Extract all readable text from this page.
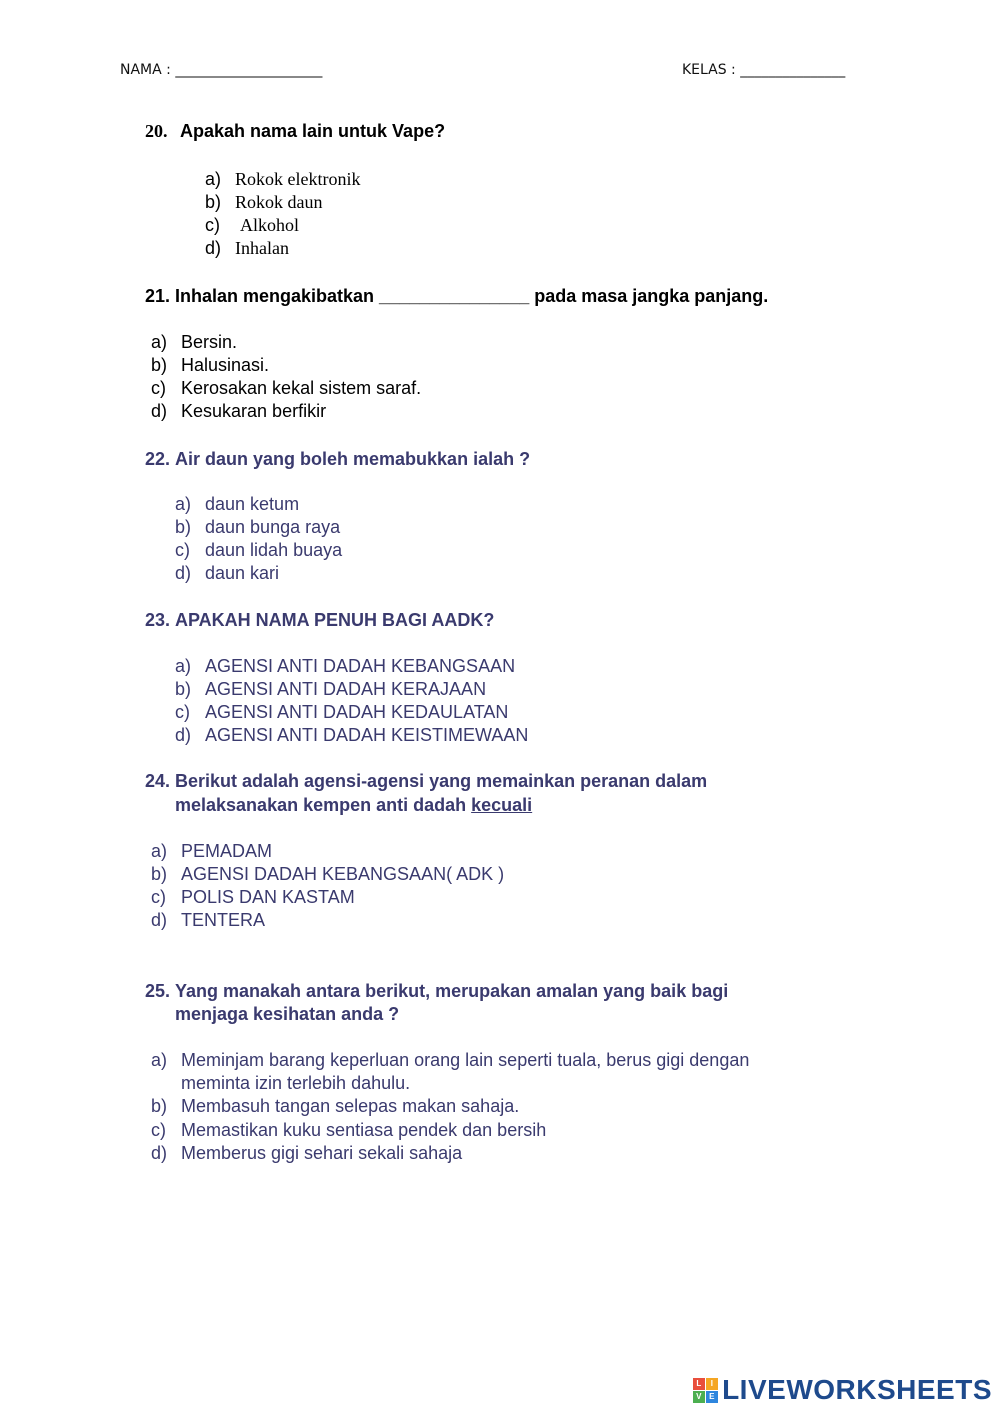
NAMA : _____________________	KELAS : _______________
20. Apakah nama lain untuk Vape?
a) Rokok elektronik
b) Rokok daun
c) Alkohol
d) Inhalan
21. Inhalan mengakibatkan _______________ pada masa jangka panjang.
a) Bersin.
b) Halusinasi.
c) Kerosakan kekal sistem saraf.
d) Kesukaran berfikir
22. Air daun yang boleh memabukkan ialah ?
a) daun ketum
b) daun bunga raya
c) daun lidah buaya
d) daun kari
23. APAKAH NAMA PENUH BAGI AADK?
a) AGENSI ANTI DADAH KEBANGSAAN
b) AGENSI ANTI DADAH KERAJAAN
c) AGENSI ANTI DADAH KEDAULATAN
d) AGENSI ANTI DADAH KEISTIMEWAAN
24. Berikut adalah agensi-agensi yang memainkan peranan dalam
melaksanakan kempen anti dadah kecuali
a) PEMADAM
b) AGENSI DADAH KEBANGSAAN( ADK )
c) POLIS DAN KASTAM
d) TENTERA
25. Yang manakah antara berikut, merupakan amalan yang baik bagi
menjaga kesihatan anda ?
a) Meminjam barang keperluan orang lain seperti tuala, berus gigi dengan
meminta izin terlebih dahulu.
b) Membasuh tangan selepas makan sahaja.
c) Memastikan kuku sentiasa pendek dan bersih
d) Memberus gigi sehari sekali sahaja
L	I
V E LIVEWORKSHEETS
